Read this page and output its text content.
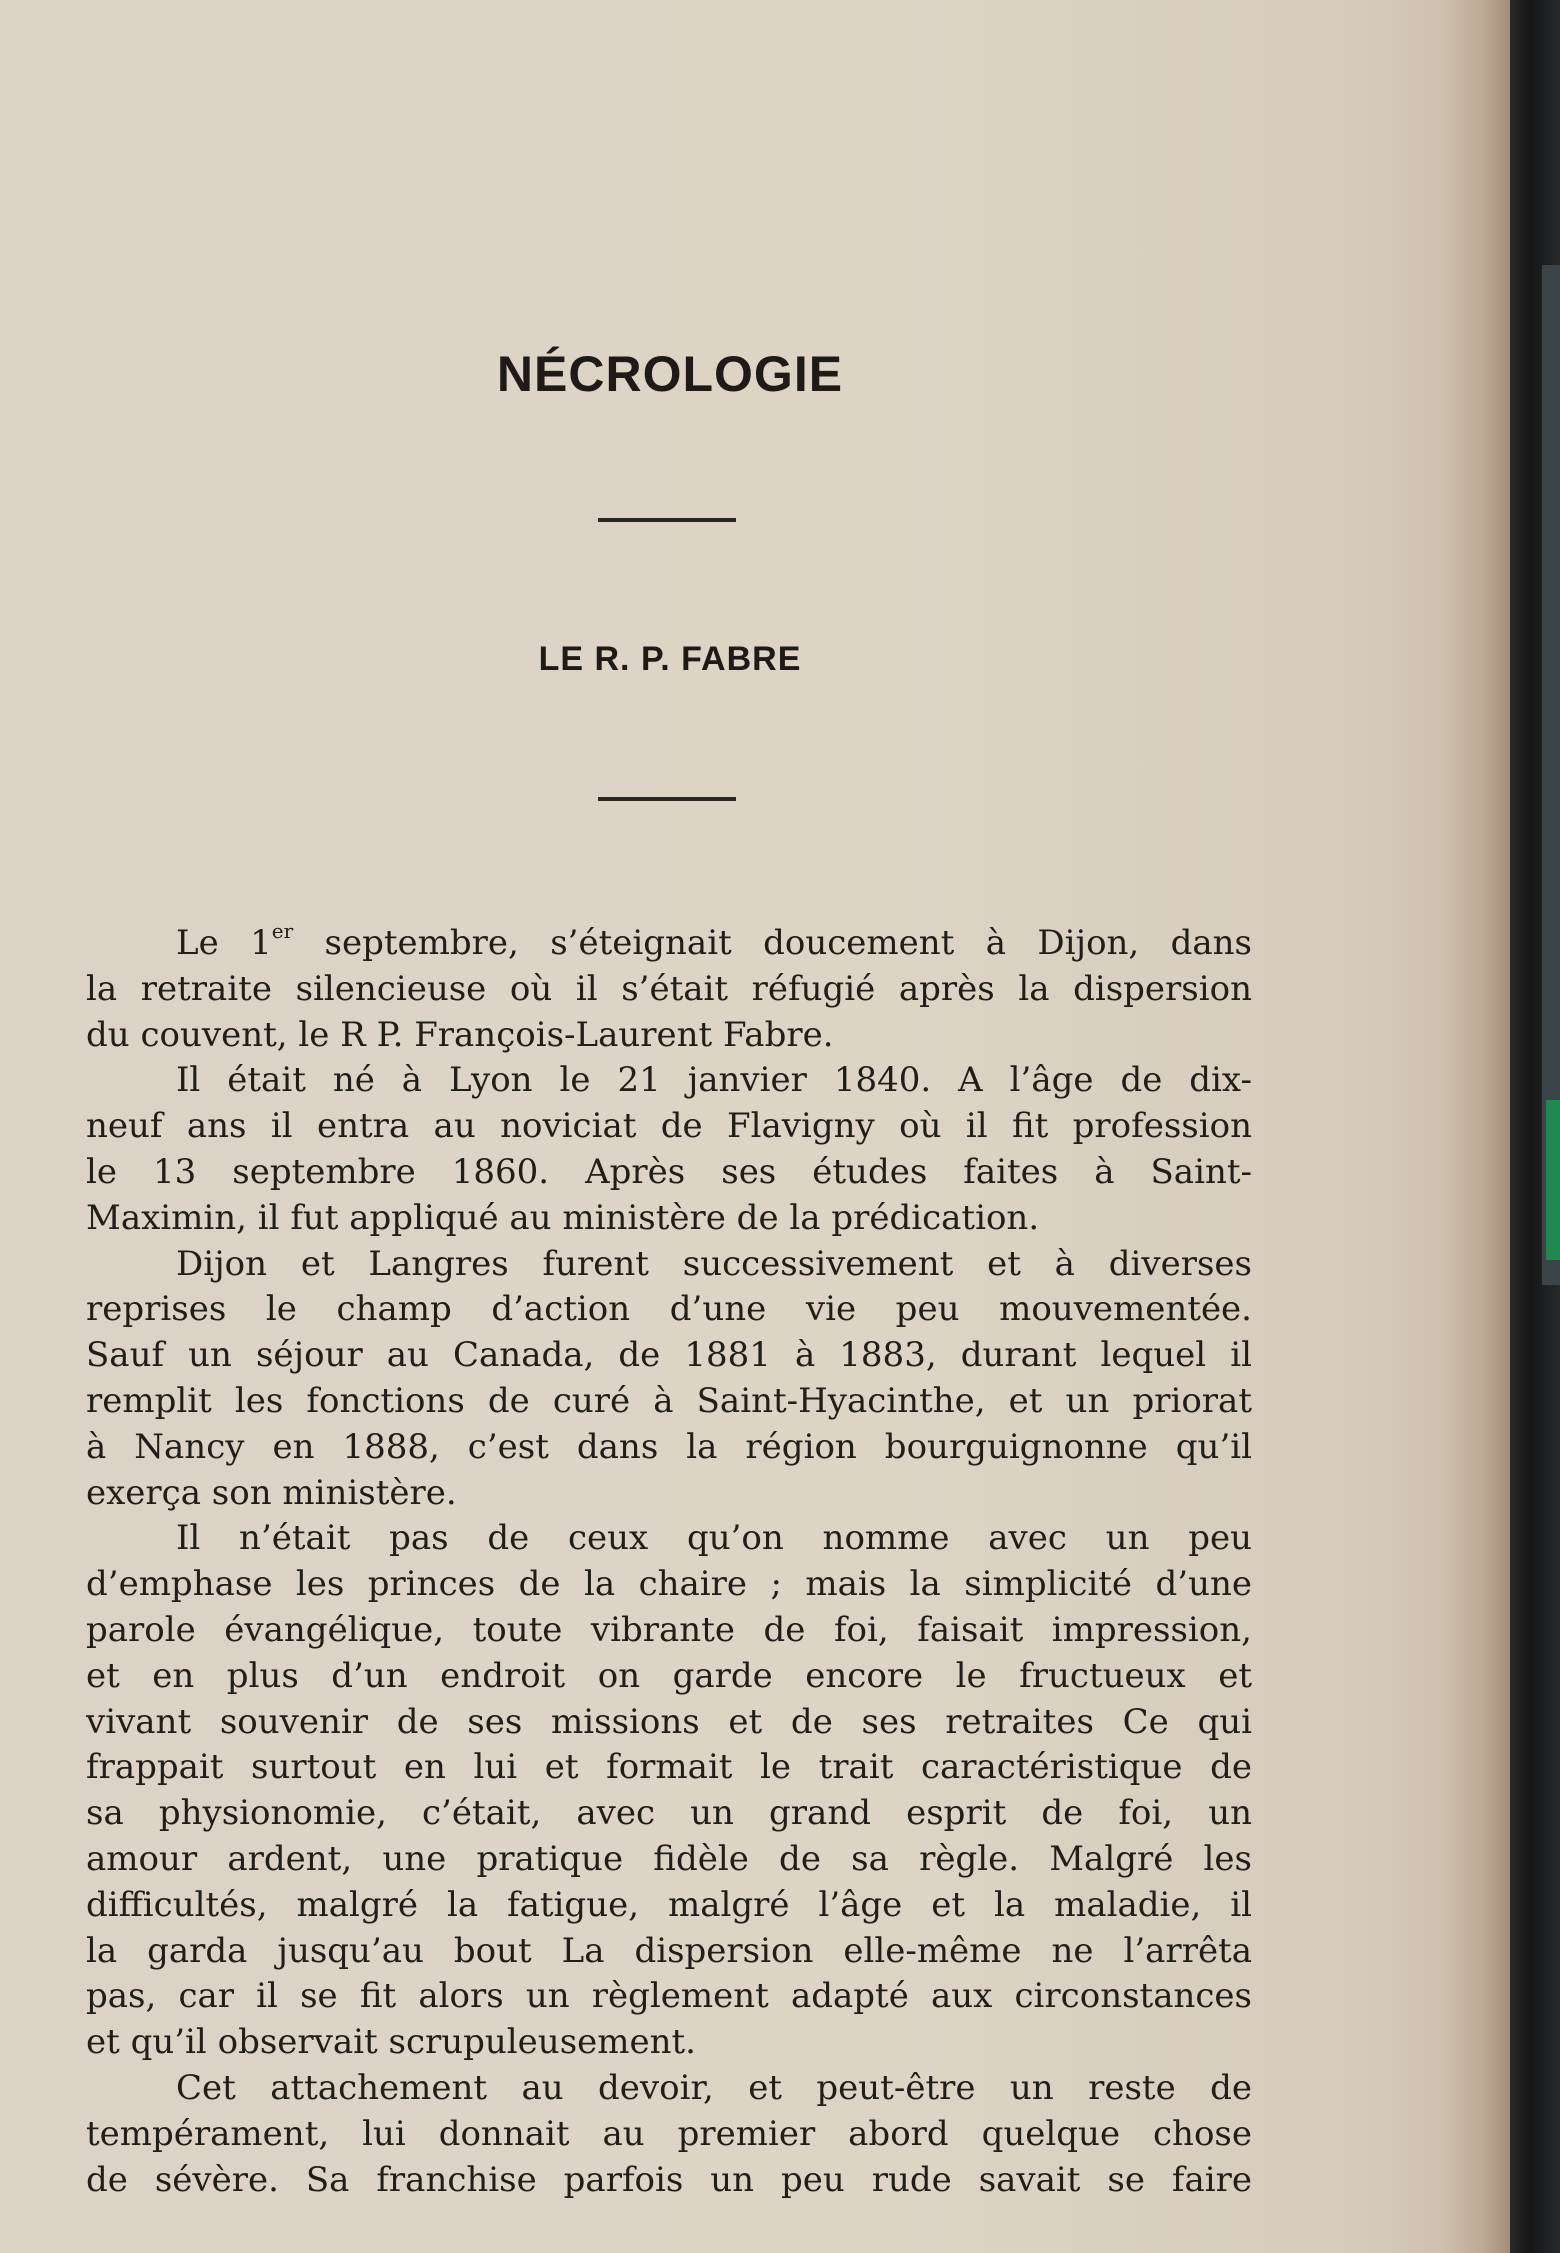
NÉCROLOGIE
LE R. P. FABRE
Le 1er septembre, s’éteignait doucement à Dijon, dans
la retraite silencieuse où il s’était réfugié après la dispersion
du couvent, le R P. François-Laurent Fabre.
Il était né à Lyon le 21 janvier 1840. A l’âge de dix-
neuf ans il entra au noviciat de Flavigny où il fit profession
le 13 septembre 1860. Après ses études faites à Saint-
Maximin, il fut appliqué au ministère de la prédication.
Dijon et Langres furent successivement et à diverses
reprises le champ d’action d’une vie peu mouvementée.
Sauf un séjour au Canada, de 1881 à 1883, durant lequel il
remplit les fonctions de curé à Saint-Hyacinthe, et un priorat
à Nancy en 1888, c’est dans la région bourguignonne qu’il
exerça son ministère.
Il n’était pas de ceux qu’on nomme avec un peu
d’emphase les princes de la chaire ; mais la simplicité d’une
parole évangélique, toute vibrante de foi, faisait impression,
et en plus d’un endroit on garde encore le fructueux et
vivant souvenir de ses missions et de ses retraites Ce qui
frappait surtout en lui et formait le trait caractéristique de
sa physionomie, c’était, avec un grand esprit de foi, un
amour ardent, une pratique fidèle de sa règle. Malgré les
difficultés, malgré la fatigue, malgré l’âge et la maladie, il
la garda jusqu’au bout La dispersion elle-même ne l’arrêta
pas, car il se fit alors un règlement adapté aux circonstances
et qu’il observait scrupuleusement.
Cet attachement au devoir, et peut-être un reste de
tempérament, lui donnait au premier abord quelque chose
de sévère. Sa franchise parfois un peu rude savait se faire
